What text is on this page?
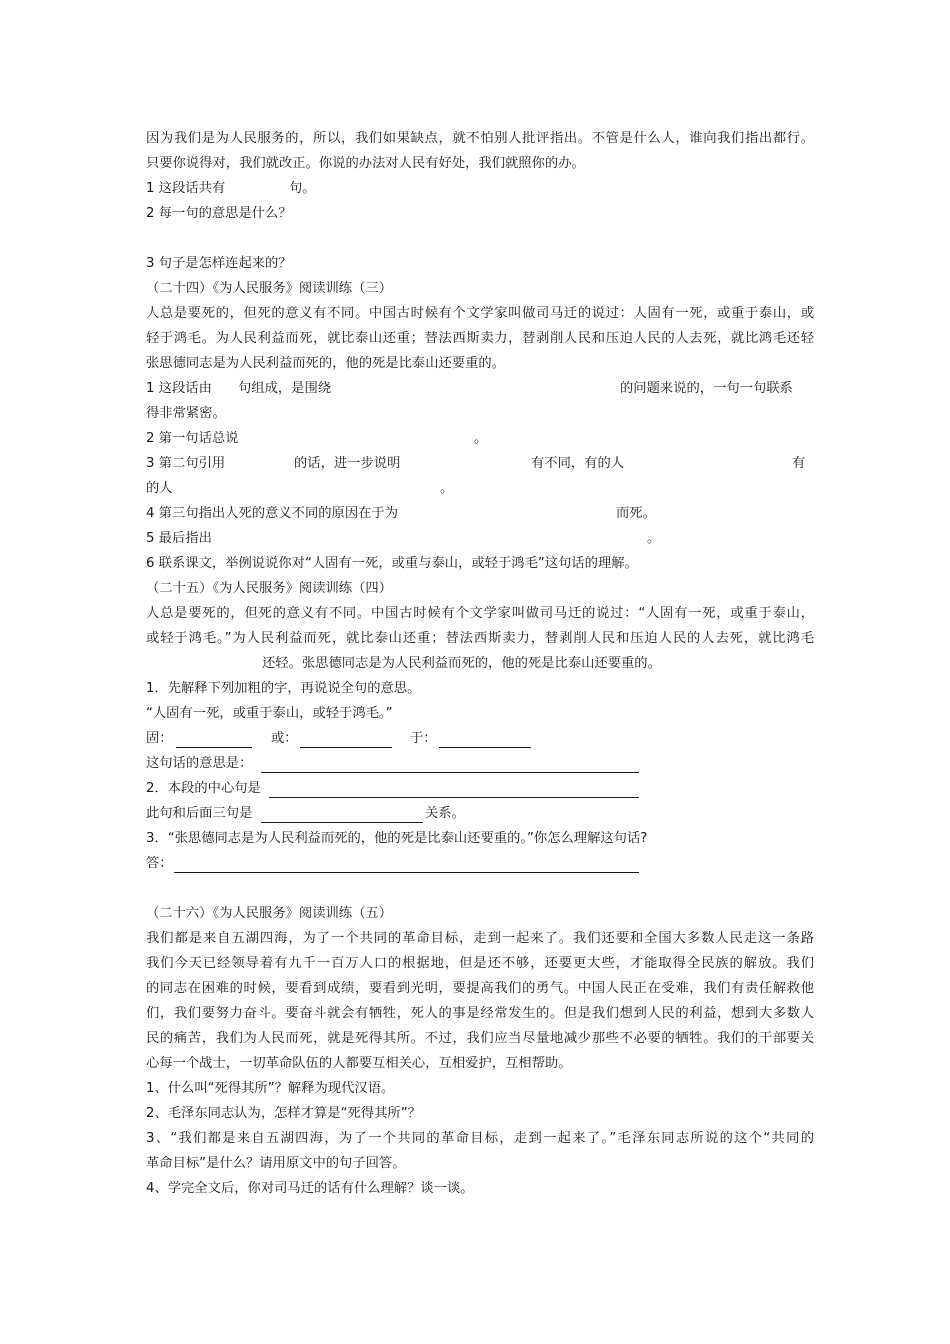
因为我们是为人民服务的，所以，我们如果缺点，就不怕别人批评指出。不管是什么人，谁向我们指出都行。
只要你说得对，我们就改正。你说的办法对人民有好处，我们就照你的办。
1 这段话共有	句。
2 每一句的意思是什么？
3 句子是怎样连起来的？
（二十四）《为人民服务》阅读训练（三）
人总是要死的，但死的意义有不同。中国古时候有个文学家叫做司马迁的说过：人固有一死，或重于泰山，或
轻于鸿毛。为人民利益而死，就比泰山还重；替法西斯卖力，替剥削人民和压迫人民的人去死，就比鸿毛还轻
张思德同志是为人民利益而死的，他的死是比泰山还要重的。
1 这段话由 句组成，是围绕	的问题来说的，一句一句联系
得非常紧密。
2 第一句话总说	。
3 第二句引用	的话，进一步说明	有不同，有的人	有
的人	。
4 第三句指出人死的意义不同的原因在于为	而死。
5 最后指出	。
6 联系课文，举例说说你对“人固有一死，或重与泰山，或轻于鸿毛”这句话的理解。
（二十五）《为人民服务》阅读训练（四）
人总是要死的，但死的意义有不同。中国古时候有个文学家叫做司马迁的说过：“人固有一死，或重于泰山，
或轻于鸿毛。”为人民利益而死，就比泰山还重；替法西斯卖力，替剥削人民和压迫人民的人去死，就比鸿毛
还轻。张思德同志是为人民利益而死的，他的死是比泰山还要重的。
1．先解释下列加粗的字，再说说全句的意思。
“人固有一死，或重于泰山，或轻于鸿毛。”
固：	或：	于：
这句话的意思是：
2．本段的中心句是
此句和后面三句是	关系。
3．“张思德同志是为人民利益而死的，他的死是比泰山还要重的。”你怎么理解这句话?
答：
（二十六）《为人民服务》阅读训练（五）
我们都是来自五湖四海，为了一个共同的革命目标，走到一起来了。我们还要和全国大多数人民走这一条路
我们今天已经领导着有九千一百万人口的根据地，但是还不够，还要更大些，才能取得全民族的解放。我们
的同志在困难的时候，要看到成绩，要看到光明，要提高我们的勇气。中国人民正在受难，我们有责任解救他
们，我们要努力奋斗。要奋斗就会有牺牲，死人的事是经常发生的。但是我们想到人民的利益，想到大多数人
民的痛苦，我们为人民而死，就是死得其所。不过，我们应当尽量地减少那些不必要的牺牲。我们的干部要关
心每一个战士，一切革命队伍的人都要互相关心，互相爱护，互相帮助。
1、什么叫“死得其所”？解释为现代汉语。
2、毛泽东同志认为，怎样才算是“死得其所”？
3、“我们都是来自五湖四海，为了一个共同的革命目标，走到一起来了。”毛泽东同志所说的这个“共同的
革命目标”是什么？请用原文中的句子回答。
4、学完全文后，你对司马迁的话有什么理解？谈一谈。
